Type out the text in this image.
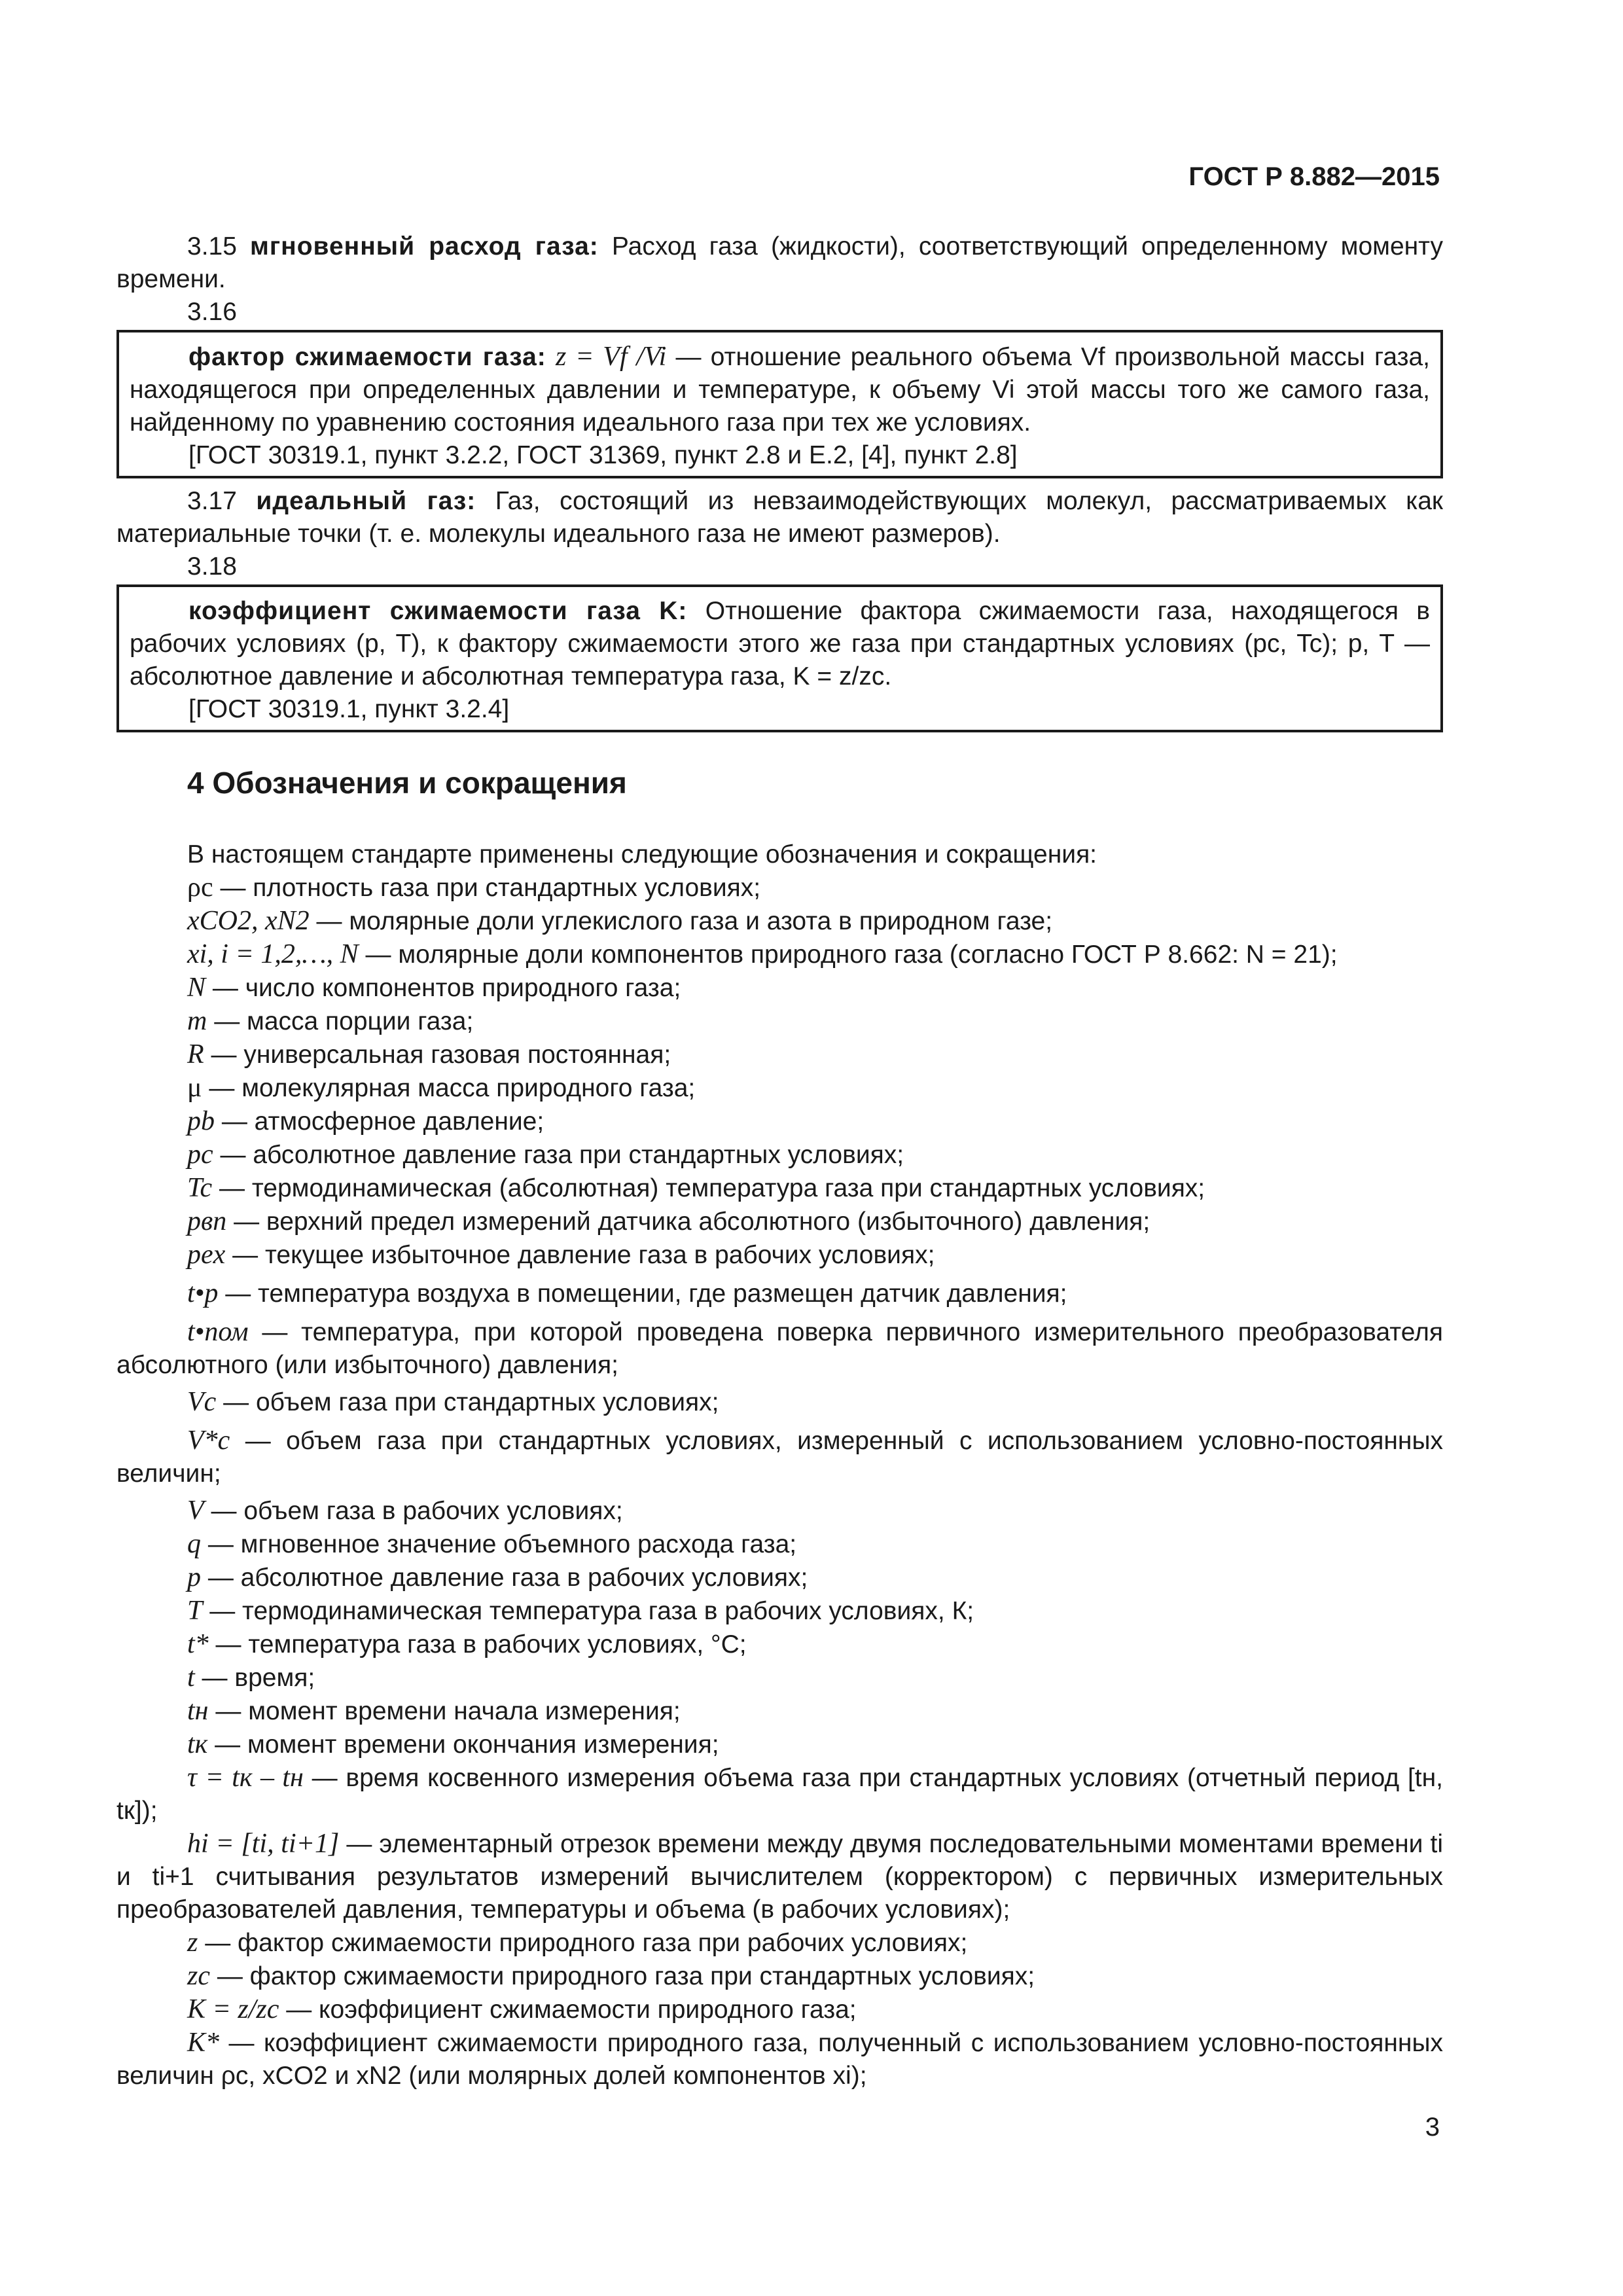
ГОСТ Р 8.882—2015

3.15 мгновенный расход газа: Расход газа (жидкости), соответствующий определенному моменту времени.

3.16

фактор сжимаемости газа: z = Vf /Vi — отношение реального объема Vf произвольной массы газа, находящегося при определенных давлении и температуре, к объему Vi этой массы того же самого газа, найденному по уравнению состояния идеального газа при тех же условиях.

[ГОСТ 30319.1, пункт 3.2.2, ГОСТ 31369, пункт 2.8 и Е.2, [4], пункт 2.8]

3.17 идеальный газ: Газ, состоящий из невзаимодействующих молекул, рассматриваемых как материальные точки (т. е. молекулы идеального газа не имеют размеров).

3.18

коэффициент сжимаемости газа K: Отношение фактора сжимаемости газа, находящегося в рабочих условиях (p, T), к фактору сжимаемости этого же газа при стандартных условиях (pc, Tc); p, T — абсолютное давление и абсолютная температура газа, K = z/zc.

[ГОСТ 30319.1, пункт 3.2.4]

4 Обозначения и сокращения

В настоящем стандарте применены следующие обозначения и сокращения:

ρc — плотность газа при стандартных условиях;

xCO2, xN2 — молярные доли углекислого газа и азота в природном газе;

xi, i = 1,2,…, N — молярные доли компонентов природного газа (согласно ГОСТ Р 8.662: N = 21);

N — число компонентов природного газа;

m — масса порции газа;

R — универсальная газовая постоянная;

μ — молекулярная масса природного газа;

pb — атмосферное давление;

pc — абсолютное давление газа при стандартных условиях;

Tc — термодинамическая (абсолютная) температура газа при стандартных условиях;

pвп — верхний предел измерений датчика абсолютного (избыточного) давления;

pex — текущее избыточное давление газа в рабочих условиях;

t•p — температура воздуха в помещении, где размещен датчик давления;

t•пом — температура, при которой проведена поверка первичного измерительного преобразователя абсолютного (или избыточного) давления;

Vc — объем газа при стандартных условиях;

V*c — объем газа при стандартных условиях, измеренный с использованием условно-постоянных величин;

V — объем газа в рабочих условиях;

q — мгновенное значение объемного расхода газа;

p — абсолютное давление газа в рабочих условиях;

T — термодинамическая температура газа в рабочих условиях, К;

t* — температура газа в рабочих условиях, °С;

t — время;

tн — момент времени начала измерения;

tк — момент времени окончания измерения;

τ = tк – tн — время косвенного измерения объема газа при стандартных условиях (отчетный период [tн, tк]);

hi = [ti, ti+1] — элементарный отрезок времени между двумя последовательными моментами времени ti и ti+1 считывания результатов измерений вычислителем (корректором) с первичных измерительных преобразователей давления, температуры и объема (в рабочих условиях);

z — фактор сжимаемости природного газа при рабочих условиях;

zc — фактор сжимаемости природного газа при стандартных условиях;

K = z/zc — коэффициент сжимаемости природного газа;

K* — коэффициент сжимаемости природного газа, полученный с использованием условно-постоянных величин ρc, xCO2 и xN2 (или молярных долей компонентов xi);

3
